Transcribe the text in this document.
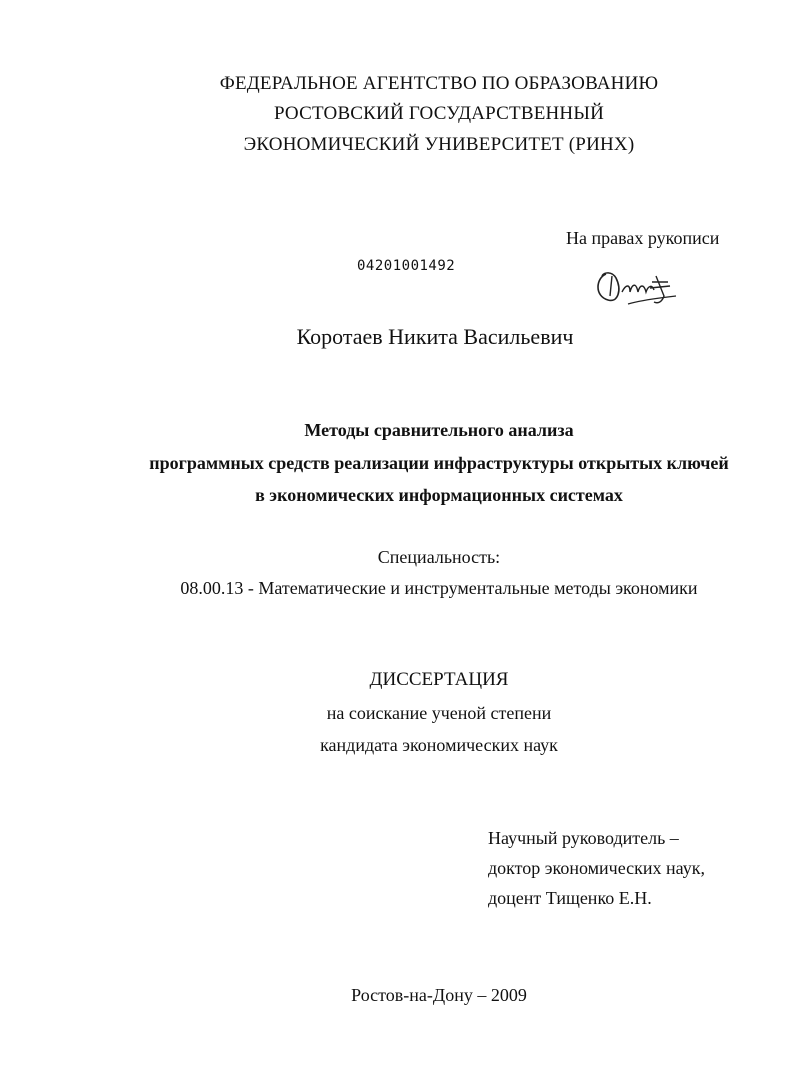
ФЕДЕРАЛЬНОЕ АГЕНТСТВО ПО ОБРАЗОВАНИЮ
РОСТОВСКИЙ ГОСУДАРСТВЕННЫЙ
ЭКОНОМИЧЕСКИЙ УНИВЕРСИТЕТ (РИНХ)
На правах рукописи
04201001492
Коротаев Никита Васильевич
Методы сравнительного анализа
программных средств реализации инфраструктуры открытых ключей
в экономических информационных системах
Специальность:
08.00.13 - Математические и инструментальные методы экономики
ДИССЕРТАЦИЯ
на соискание ученой степени
кандидата экономических наук
Научный руководитель –
доктор экономических наук,
доцент Тищенко Е.Н.
Ростов-на-Дону – 2009
